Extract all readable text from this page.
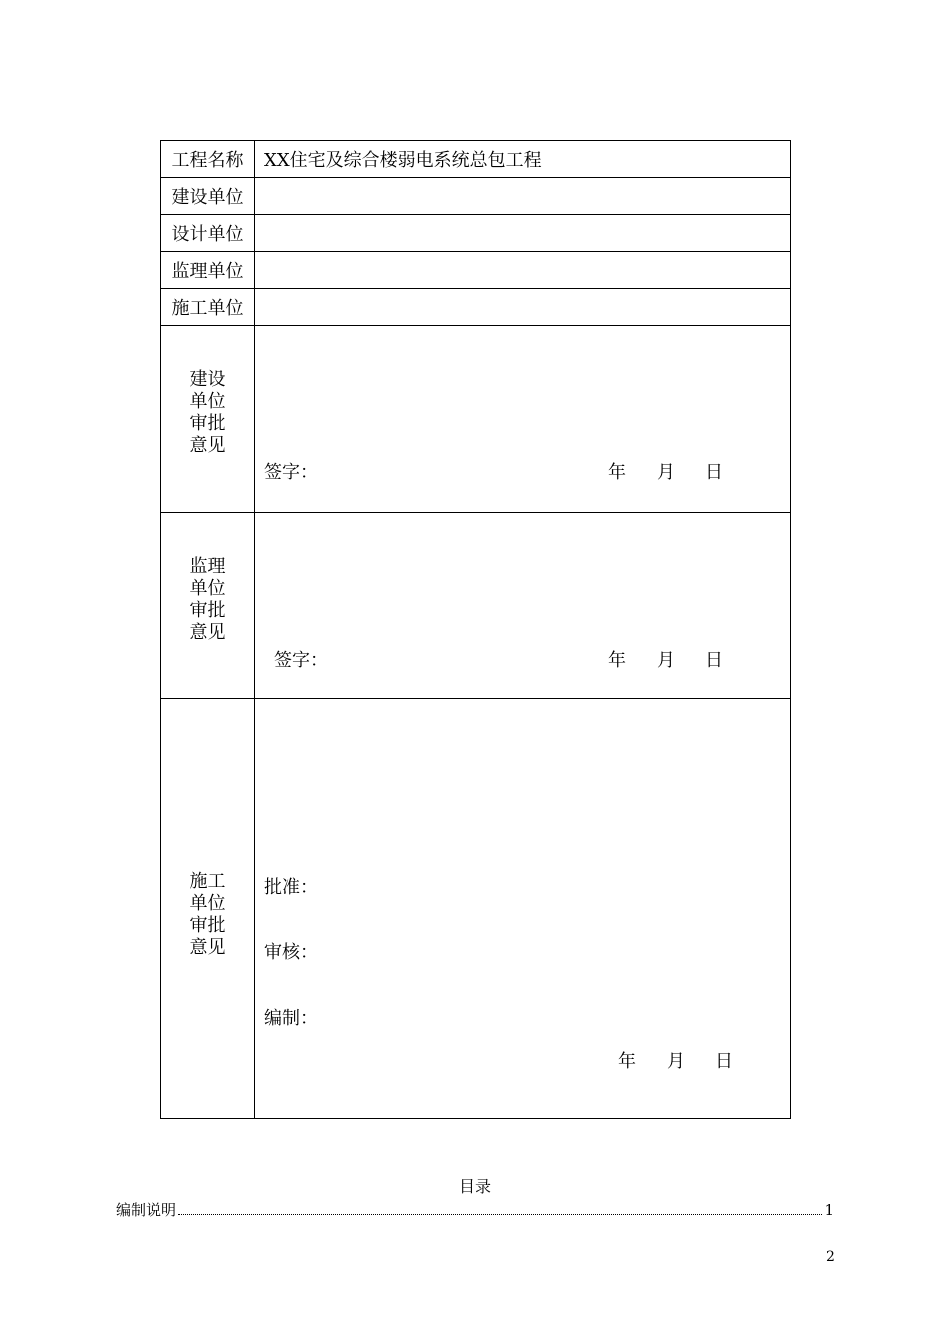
工程名称	XX住宅及综合楼弱电系统总包工程
建设单位	
设计单位	
监理单位	
施工单位	

建设
单位
审批
意见	签字： 年 月 日

监理
单位
审批
意见	签字： 年 月 日

施工
单位
审批
意见	批准：
审核：
编制：
年 月 日
目录
编制说明	1
2
